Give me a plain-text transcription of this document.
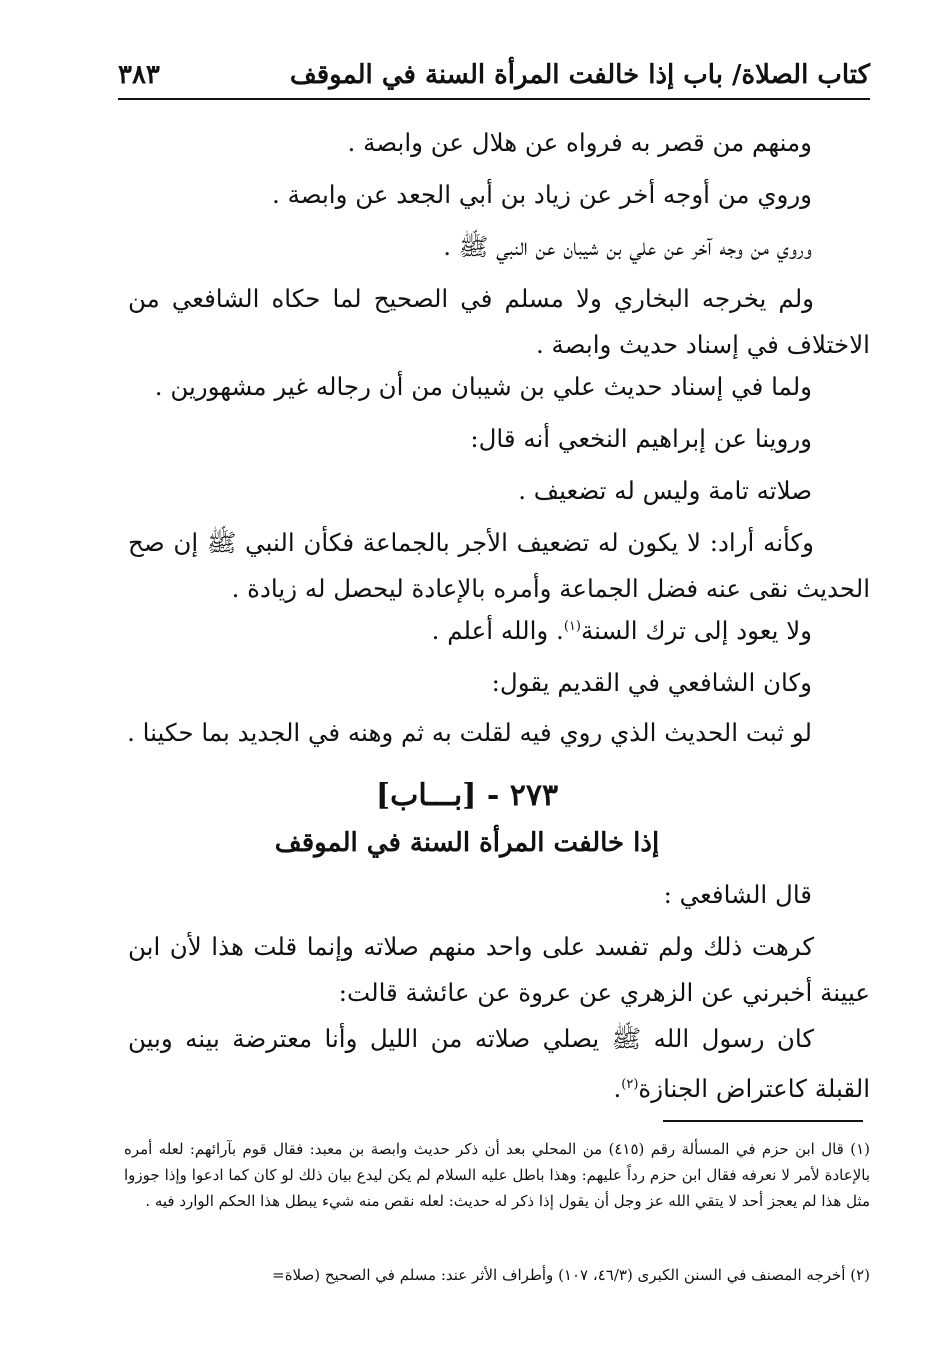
كتاب الصلاة/ باب إذا خالفت المرأة السنة في الموقف
٣٨٣
ومنهم من قصر به فرواه عن هلال عن وابصة .
وروي من أوجه أخر عن زياد بن أبي الجعد عن وابصة .
وروي من وجه آخر عن علي بن شيبان عن النبي ﷺ .
ولم يخرجه البخاري ولا مسلم في الصحيح لما حكاه الشافعي من الاختلاف في إسناد حديث وابصة .
ولما في إسناد حديث علي بن شيبان من أن رجاله غير مشهورين .
وروينا عن إبراهيم النخعي أنه قال:
صلاته تامة وليس له تضعيف .
وكأنه أراد: لا يكون له تضعيف الأجر بالجماعة فكأن النبي ﷺ إن صح الحديث نقى عنه فضل الجماعة وأمره بالإعادة ليحصل له زيادة .
ولا يعود إلى ترك السنة$^{(١)}$. والله أعلم .
وكان الشافعي في القديم يقول:
لو ثبت الحديث الذي روي فيه لقلت به ثم وهنه في الجديد بما حكينا .
٢٧٣ - [بـــاب]
إذا خالفت المرأة السنة في الموقف
قال الشافعي :
كرهت ذلك ولم تفسد على واحد منهم صلاته وإنما قلت هذا لأن ابن عيينة أخبرني عن الزهري عن عروة عن عائشة قالت:
كان رسول الله ﷺ يصلي صلاته من الليل وأنا معترضة بينه وبين القبلة كاعتراض الجنازة$^{(٢)}$.
(١) قال ابن حزم في المسألة رقم (٤١٥) من المحلي بعد أن ذكر حديث وابصة بن معبد: فقال قوم بآرائهم: لعله أمره بالإعادة لأمر لا نعرفه فقال ابن حزم رداً عليهم: وهذا باطل عليه السلام لم يكن ليدع بيان ذلك لو كان كما ادعوا وإذا جوزوا مثل هذا لم يعجز أحد لا يتقي الله عز وجل أن يقول إذا ذكر له حديث: لعله نقص منه شيء يبطل هذا الحكم الوارد فيه .
(٢) أخرجه المصنف في السنن الكبرى (٤٦/٣، ١٠٧) وأطراف الأثر عند: مسلم في الصحيح (صلاة=
